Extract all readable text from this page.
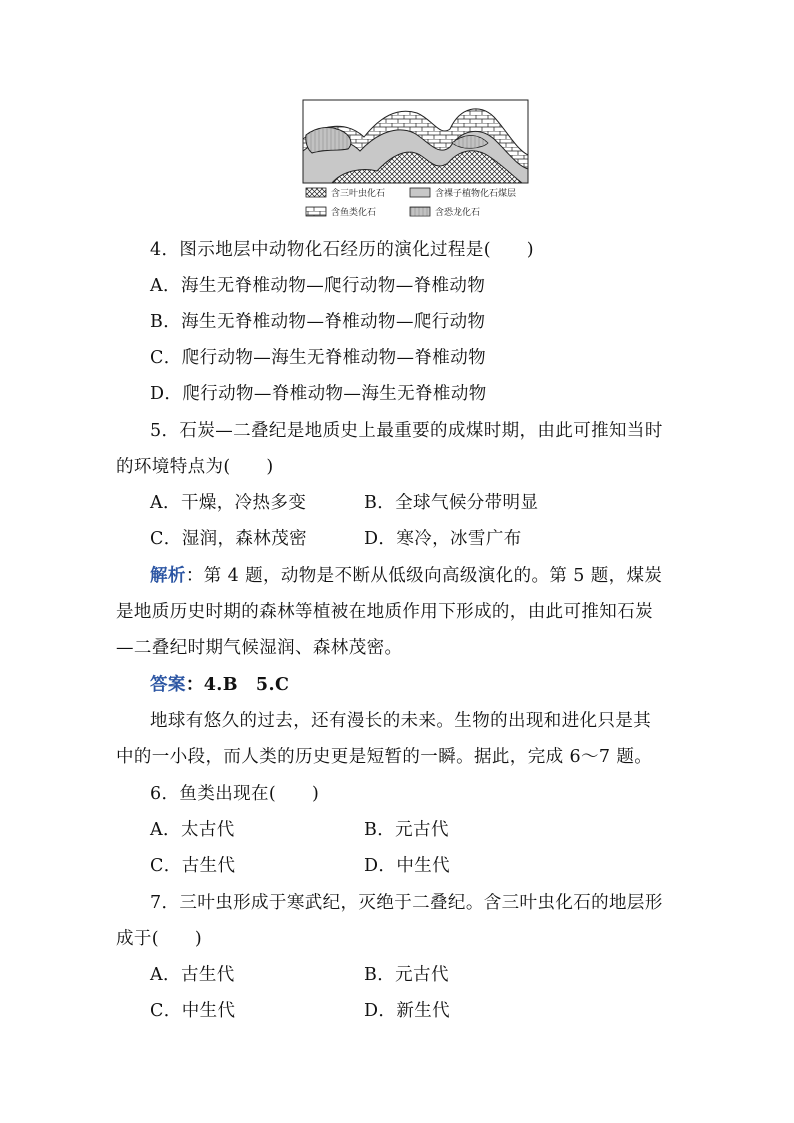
含三叶虫化石	含裸子植物化石煤层
含鱼类化石	含恐龙化石
4．图示地层中动物化石经历的演化过程是(　　)
A．海生无脊椎动物—爬行动物—脊椎动物
B．海生无脊椎动物—脊椎动物—爬行动物
C．爬行动物—海生无脊椎动物—脊椎动物
D．爬行动物—脊椎动物—海生无脊椎动物
5．石炭—二叠纪是地质史上最重要的成煤时期，由此可推知当时
的环境特点为(　　)
A．干燥，冷热多变	B．全球气候分带明显
C．湿润，森林茂密	D．寒冷，冰雪广布
解析：第 4 题，动物是不断从低级向高级演化的。第 5 题，煤炭
是地质历史时期的森林等植被在地质作用下形成的，由此可推知石炭
—二叠纪时期气候湿润、森林茂密。
答案：4.B　5.C
地球有悠久的过去，还有漫长的未来。生物的出现和进化只是其
中的一小段，而人类的历史更是短暂的一瞬。据此，完成 6～7 题。
6．鱼类出现在(　　)
A．太古代	B．元古代
C．古生代	D．中生代
7．三叶虫形成于寒武纪，灭绝于二叠纪。含三叶虫化石的地层形
成于(　　)
A．古生代	B．元古代
C．中生代	D．新生代
